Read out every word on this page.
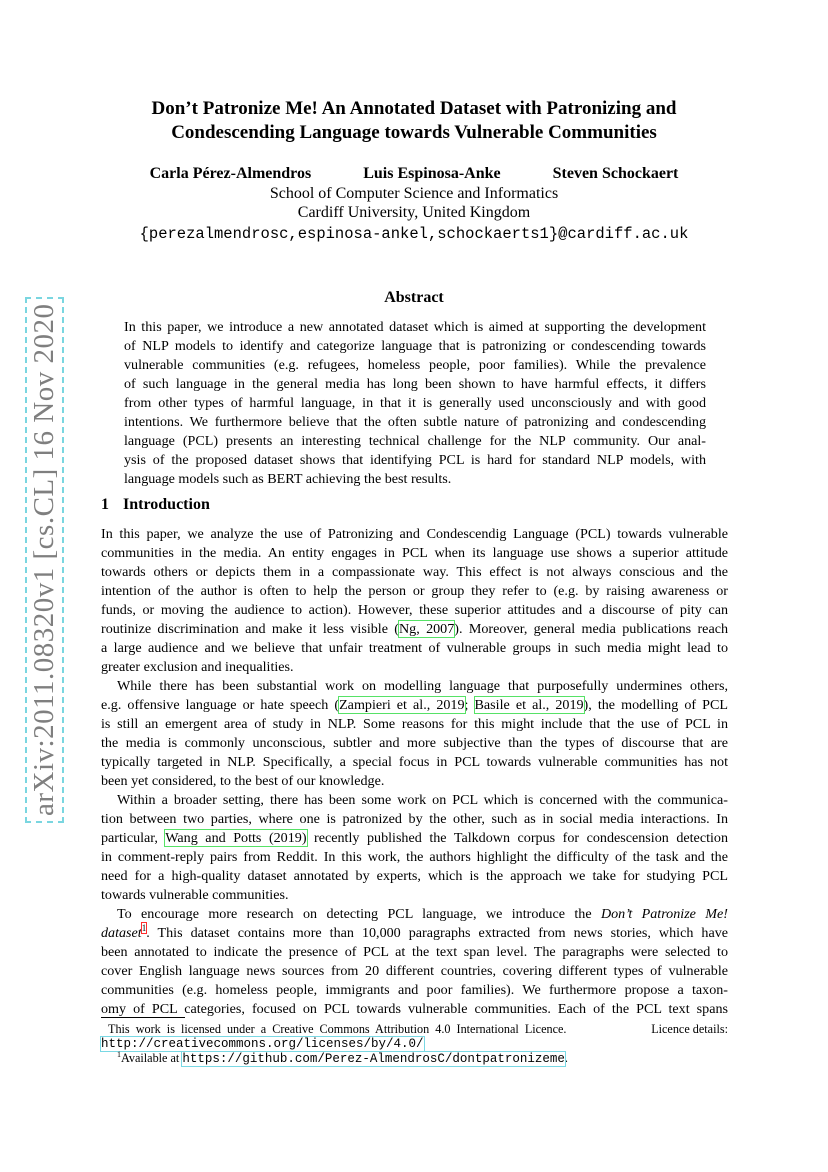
arXiv:2011.08320v1 [cs.CL] 16 Nov 2020
Don’t Patronize Me! An Annotated Dataset with Patronizing and
Condescending Language towards Vulnerable Communities
Carla Pérez-Almendros	Luis Espinosa-Anke	Steven Schockaert
School of Computer Science and Informatics
Cardiff University, United Kingdom
{perezalmendrosc,espinosa-ankel,schockaerts1}@cardiff.ac.uk
Abstract
In this paper, we introduce a new annotated dataset which is aimed at supporting the development
of NLP models to identify and categorize language that is patronizing or condescending towards
vulnerable communities (e.g. refugees, homeless people, poor families). While the prevalence
of such language in the general media has long been shown to have harmful effects, it differs
from other types of harmful language, in that it is generally used unconsciously and with good
intentions. We furthermore believe that the often subtle nature of patronizing and condescending
language (PCL) presents an interesting technical challenge for the NLP community. Our anal-
ysis of the proposed dataset shows that identifying PCL is hard for standard NLP models, with
language models such as BERT achieving the best results.
1 Introduction
In this paper, we analyze the use of Patronizing and Condescendig Language (PCL) towards vulnerable
communities in the media. An entity engages in PCL when its language use shows a superior attitude
towards others or depicts them in a compassionate way. This effect is not always conscious and the
intention of the author is often to help the person or group they refer to (e.g. by raising awareness or
funds, or moving the audience to action). However, these superior attitudes and a discourse of pity can
routinize discrimination and make it less visible (Ng, 2007). Moreover, general media publications reach
a large audience and we believe that unfair treatment of vulnerable groups in such media might lead to
greater exclusion and inequalities.
While there has been substantial work on modelling language that purposefully undermines others,
e.g. offensive language or hate speech (Zampieri et al., 2019; Basile et al., 2019), the modelling of PCL
is still an emergent area of study in NLP. Some reasons for this might include that the use of PCL in
the media is commonly unconscious, subtler and more subjective than the types of discourse that are
typically targeted in NLP. Specifically, a special focus in PCL towards vulnerable communities has not
been yet considered, to the best of our knowledge.
Within a broader setting, there has been some work on PCL which is concerned with the communica-
tion between two parties, where one is patronized by the other, such as in social media interactions. In
particular, Wang and Potts (2019) recently published the Talkdown corpus for condescension detection
in comment-reply pairs from Reddit. In this work, the authors highlight the difficulty of the task and the
need for a high-quality dataset annotated by experts, which is the approach we take for studying PCL
towards vulnerable communities.
To encourage more research on detecting PCL language, we introduce the Don’t Patronize Me!
dataset$^1$. This dataset contains more than 10,000 paragraphs extracted from news stories, which have
been annotated to indicate the presence of PCL at the text span level. The paragraphs were selected to
cover English language news sources from 20 different countries, covering different types of vulnerable
communities (e.g. homeless people, immigrants and poor families). We furthermore propose a taxon-
omy of PCL categories, focused on PCL towards vulnerable communities. Each of the PCL text spans
This work is licensed under a Creative Commons Attribution 4.0 International Licence.	Licence details:
http://creativecommons.org/licenses/by/4.0/
$^1$Available at https://github.com/Perez-AlmendrosC/dontpatronizeme.
